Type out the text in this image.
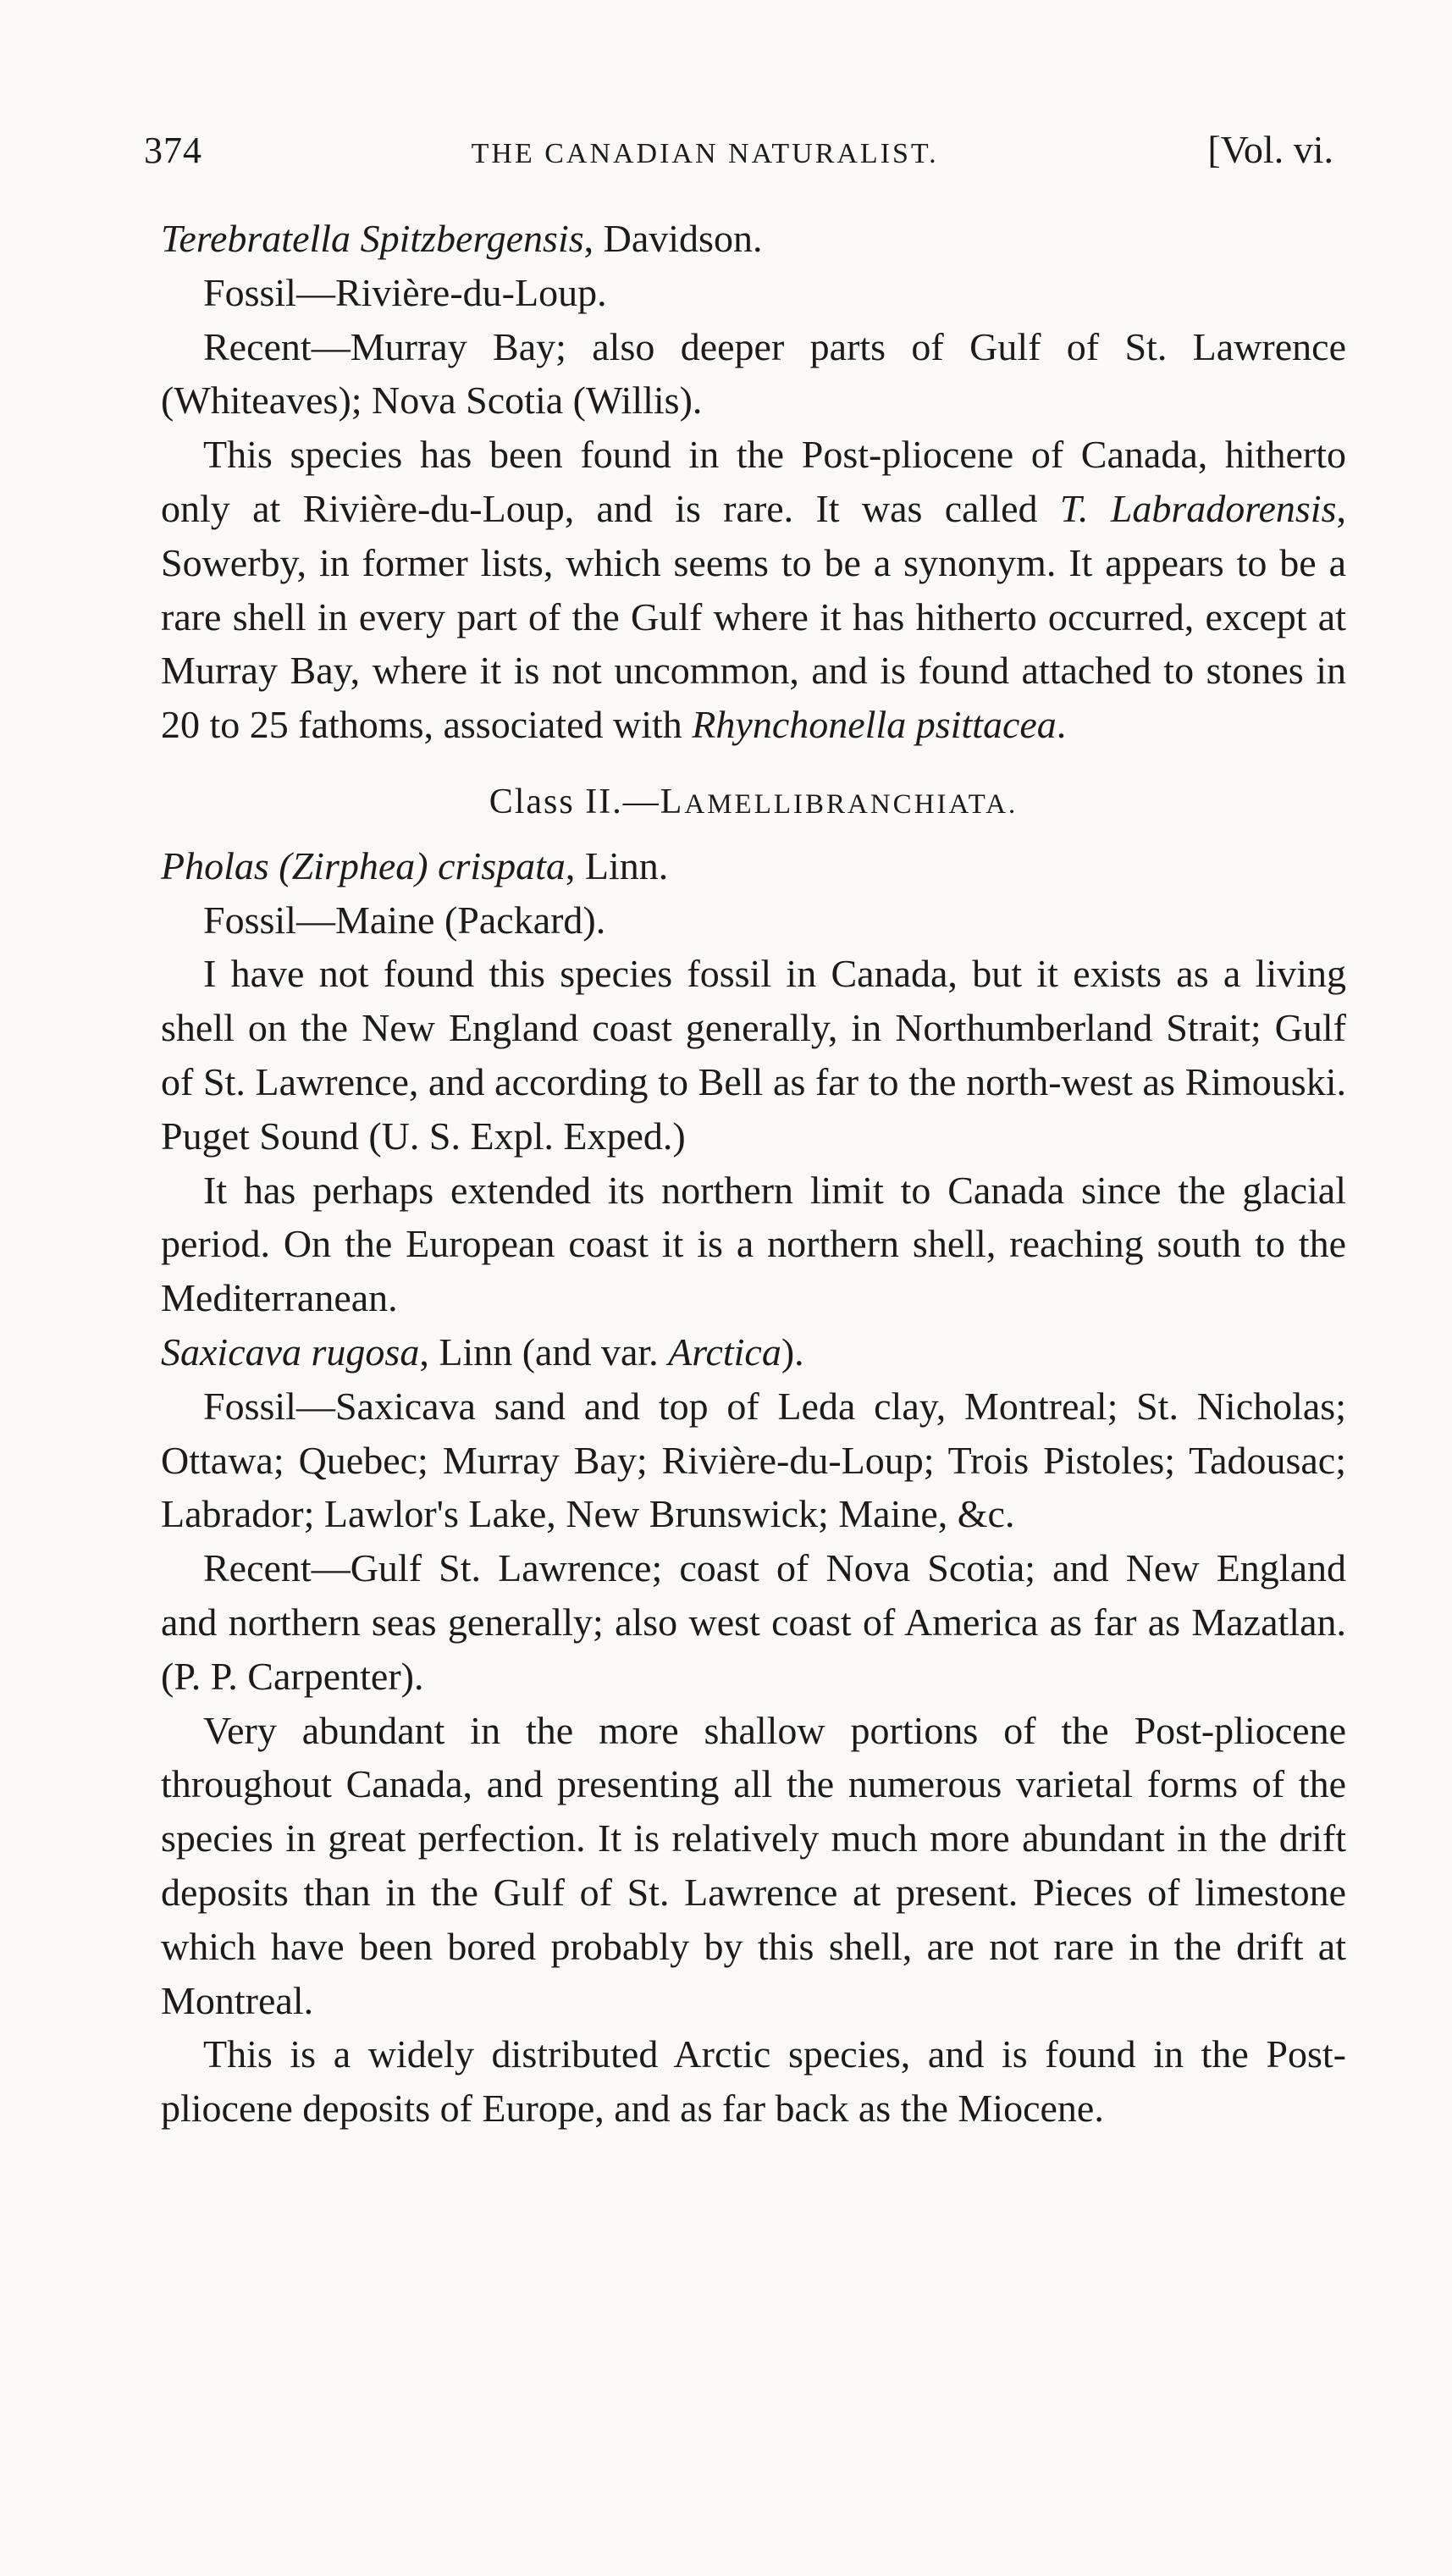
374	THE CANADIAN NATURALIST.	[Vol. vi.

Terebratella Spitzbergensis, Davidson.

Fossil—Rivière-du-Loup.

Recent—Murray Bay; also deeper parts of Gulf of St. Lawrence (Whiteaves); Nova Scotia (Willis).

This species has been found in the Post-pliocene of Canada, hitherto only at Rivière-du-Loup, and is rare. It was called T. Labradorensis, Sowerby, in former lists, which seems to be a synonym. It appears to be a rare shell in every part of the Gulf where it has hitherto occurred, except at Murray Bay, where it is not uncommon, and is found attached to stones in 20 to 25 fathoms, associated with Rhynchonella psittacea.

Class II.—LAMELLIBRANCHIATA.

Pholas (Zirphea) crispata, Linn.

Fossil—Maine (Packard).

I have not found this species fossil in Canada, but it exists as a living shell on the New England coast generally, in Northumberland Strait; Gulf of St. Lawrence, and according to Bell as far to the north-west as Rimouski. Puget Sound (U. S. Expl. Exped.)

It has perhaps extended its northern limit to Canada since the glacial period. On the European coast it is a northern shell, reaching south to the Mediterranean.

Saxicava rugosa, Linn (and var. Arctica).

Fossil—Saxicava sand and top of Leda clay, Montreal; St. Nicholas; Ottawa; Quebec; Murray Bay; Rivière-du-Loup; Trois Pistoles; Tadousac; Labrador; Lawlor's Lake, New Brunswick; Maine, &c.

Recent—Gulf St. Lawrence; coast of Nova Scotia; and New England and northern seas generally; also west coast of America as far as Mazatlan. (P. P. Carpenter).

Very abundant in the more shallow portions of the Post-pliocene throughout Canada, and presenting all the numerous varietal forms of the species in great perfection. It is relatively much more abundant in the drift deposits than in the Gulf of St. Lawrence at present. Pieces of limestone which have been bored probably by this shell, are not rare in the drift at Montreal.

This is a widely distributed Arctic species, and is found in the Post-pliocene deposits of Europe, and as far back as the Miocene.
